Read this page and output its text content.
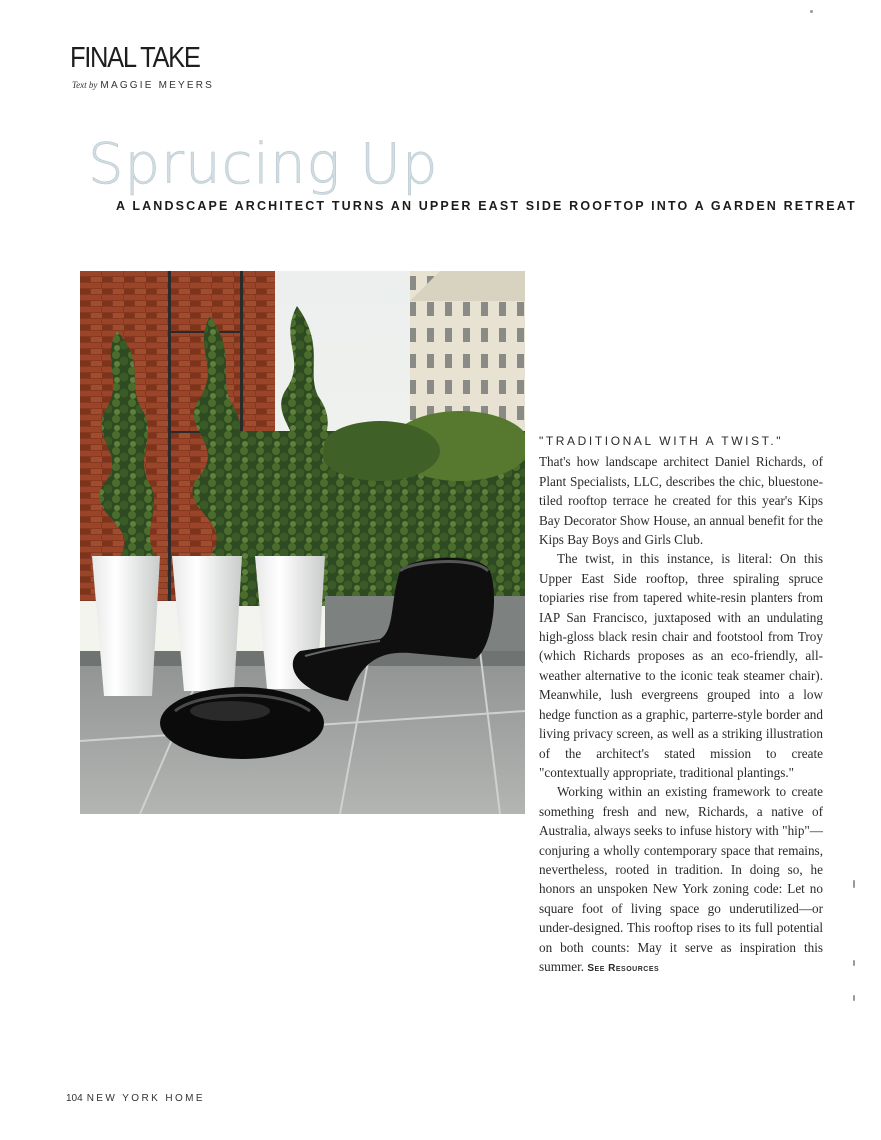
FINAL TAKE
Text by MAGGIE MEYERS
Sprucing Up
A LANDSCAPE ARCHITECT TURNS AN UPPER EAST SIDE ROOFTOP INTO A GARDEN RETREAT
"TRADITIONAL WITH A TWIST."

That's how landscape architect Daniel Richards, of Plant Specialists, LLC, describes the chic, bluestone-tiled rooftop terrace he created for this year's Kips Bay Decorator Show House, an annual benefit for the Kips Bay Boys and Girls Club.

The twist, in this instance, is literal: On this Upper East Side rooftop, three spiraling spruce topiaries rise from tapered white-resin planters from IAP San Francisco, juxtaposed with an undulating high-gloss black resin chair and footstool from Troy (which Richards proposes as an eco-friendly, all-weather alternative to the iconic teak steamer chair). Meanwhile, lush evergreens grouped into a low hedge function as a graphic, parterre-style border and living privacy screen, as well as a striking illustration of the architect's stated mission to create "contextually appropriate, traditional plantings."

Working within an existing framework to create something fresh and new, Richards, a native of Australia, always seeks to infuse history with "hip"—conjuring a wholly contemporary space that remains, nevertheless, rooted in tradition. In doing so, he honors an unspoken New York zoning code: Let no square foot of living space go underutilized—or under-designed. This rooftop rises to its full potential on both counts: May it serve as inspiration this summer. See Resources

104 NEW YORK HOME
